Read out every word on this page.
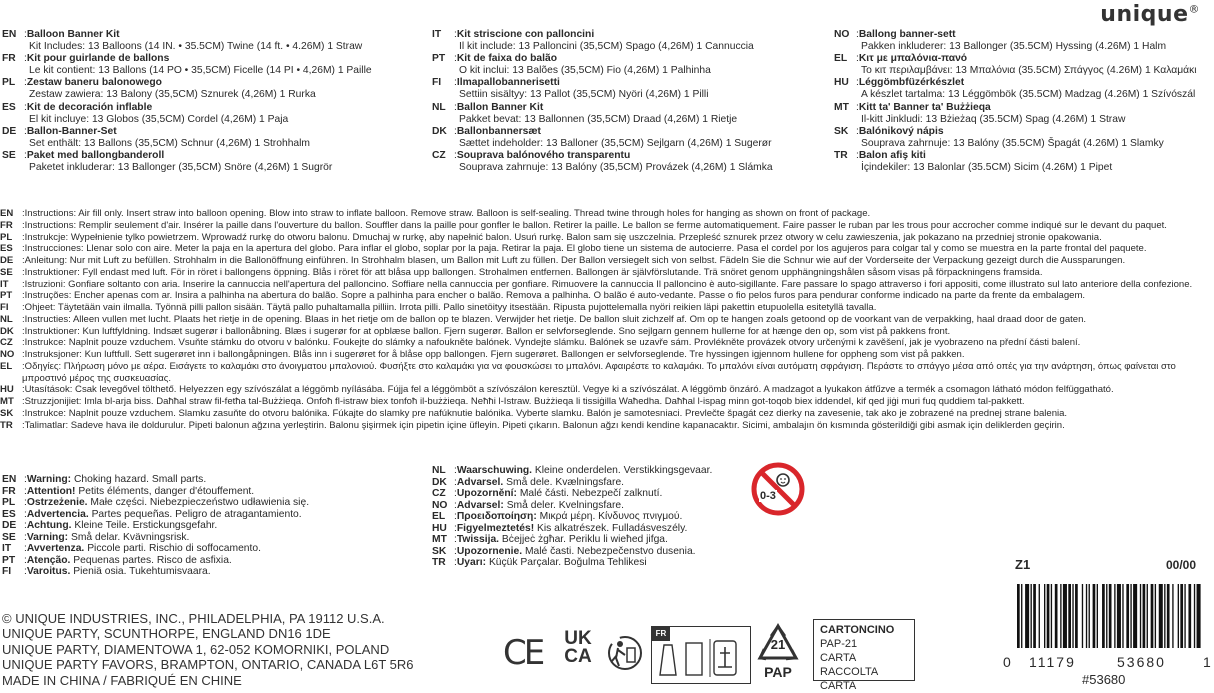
unique®
EN	: Balloon Banner Kit
Kit Includes: 13 Balloons (14 IN. • 35.5CM) Twine (14 ft. • 4.26M) 1 Straw
FR	: Kit pour guirlande de ballons
Le kit contient: 13 Ballons (14 PO • 35,5CM) Ficelle (14 PI • 4,26M) 1 Paille
PL	: Zestaw baneru balonowego
Zestaw zawiera: 13 Balony (35,5CM) Sznurek (4,26M) 1 Rurka
ES	: Kit de decoración inflable
El kit incluye: 13 Globos (35,5CM) Cordel (4,26M) 1 Paja
DE	: Ballon-Banner-Set
Set enthält: 13 Ballons (35,5CM) Schnur (4,26M) 1 Strohhalm
SE	: Paket med ballongbanderoll
Paketet inkluderar: 13 Ballonger (35,5CM) Snöre (4,26M) 1 Sugrör
IT	: Kit striscione con palloncini
Il kit include: 13 Palloncini (35,5CM) Spago (4,26M) 1 Cannuccia
PT	: Kit de faixa do balão
O kit inclui: 13 Balões (35,5CM) Fio (4,26M) 1 Palhinha
FI	: Ilmapallobannerisetti
Settiin sisältyy: 13 Pallot (35,5CM) Nyöri (4,26M) 1 Pilli
NL	: Ballon Banner Kit
Pakket bevat: 13 Ballonnen (35,5CM) Draad (4,26M) 1 Rietje
DK : Ballonbannersæt
Sættet indeholder: 13 Balloner (35,5CM) Sejlgarn (4,26M) 1 Sugerør
CZ	: Souprava balónového transparentu
Souprava zahrnuje: 13 Balóny (35,5CM) Provázek (4,26M) 1 Slámka
NO : Ballong banner-sett
Pakken inkluderer: 13 Ballonger (35.5CM) Hyssing (4.26M) 1 Halm
EL	: Κιτ με μπαλόνια-πανό
Το κιτ περιλαμβάνει: 13 Μπαλόνια (35.5CM) Σπάγγος (4.26M) 1 Καλαμάκι
HU : Léggömbfüzérkészlet
A készlet tartalma: 13 Léggömbök (35.5CM) Madzag (4.26M) 1 Szívószál
MT : Kitt ta' Banner ta' Bużżieqa
Il-kitt Jinkludi: 13 Bżieżaq (35.5CM) Spag (4.26M) 1 Straw
SK	: Balónikový nápis
Souprava zahrnuje: 13 Balóny (35.5CM) Špagát (4.26M) 1 Slamky
TR	: Balon afiş kiti
İçindekiler: 13 Balonlar (35.5CM) Sicim (4.26M) 1 Pipet
EN	: Instructions: Air fill only. Insert straw into balloon opening. Blow into straw to inflate balloon. Remove straw. Balloon is self-sealing. Thread twine through holes for hanging as shown on front of package.
FR	: Instructions: Remplir seulement d'air. Insérer la paille dans l'ouverture du ballon. Souffler dans la paille pour gonfler le ballon. Retirer la paille. Le ballon se ferme automatiquement. Faire passer le ruban par les trous pour accrocher comme indiqué sur le devant du paquet.
PL	: Instrukcje: Wypełnienie tylko powietrzem. Wprowadź rurkę do otworu balonu. Dmuchaj w rurkę, aby napełnić balon. Usuń rurkę. Balon sam się uszczelnia. Przepleść sznurek przez otwory w celu zawieszenia, jak pokazano na przedniej stronie opakowania.
ES	: Instrucciones: Llenar solo con aire. Meter la paja en la apertura del globo. Para inflar el globo, soplar por la paja. Retirar la paja. El globo tiene un sistema de autocierre. Pasa el cordel por los agujeros para colgar tal y como se muestra en la parte frontal del paquete.
DE	: Anleitung: Nur mit Luft zu befüllen. Strohhalm in die Ballonöffnung einführen. In Strohhalm blasen, um Ballon mit Luft zu füllen. Der Ballon versiegelt sich von selbst. Fädeln Sie die Schnur wie auf der Vorderseite der Verpackung gezeigt durch die Aussparungen.
SE	: Instruktioner: Fyll endast med luft. För in röret i ballongens öppning. Blås i röret för att blåsa upp ballongen. Strohalmen entfernen. Ballongen är självförslutande. Trä snöret genom upphängningshålen såsom visas på förpackningens framsida.
IT	: Istruzioni: Gonfiare soltanto con aria. Inserire la cannuccia nell'apertura del palloncino. Soffiare nella cannuccia per gonfiare. Rimuovere la cannuccia Il palloncino è auto-sigillante. Fare passare lo spago attraverso i fori appositi, come illustrato sul lato anteriore della confezione.
PT	: Instruções: Encher apenas com ar. Insira a palhinha na abertura do balão. Sopre a palhinha para encher o balão. Remova a palhinha. O balão é auto-vedante. Passe o fio pelos furos para pendurar conforme indicado na parte da frente da embalagem.
FI	: Ohjeet: Täytetään vain ilmalla. Työnnä pilli pallon sisään. Täytä pallo puhaltamalla pilliin. Irrota pilli. Pallo sinetöityy itsestään. Ripusta pujottelemalla nyöri reikien läpi pakettin etupuolella esitetyllä tavalla.
NL	: Instructies: Alleen vullen met lucht. Plaats het rietje in de opening. Blaas in het rietje om de ballon op te blazen. Verwijder het rietje. De ballon sluit zichzelf af. Om op te hangen zoals getoond op de voorkant van de verpakking, haal draad door de gaten.
DK	: Instruktioner: Kun luftfyldning. Indsæt sugerør i ballonåbning. Blæs i sugerør for at opblæse ballon. Fjern sugerør. Ballon er selvforseglende. Sno sejlgarn gennem hullerne for at hænge den op, som vist på pakkens front.
CZ	: Instrukce: Naplnit pouze vzduchem. Vsuňte stámku do otvoru v balónku. Foukejte do slámky a nafoukněte balónek. Vyndejte slámku. Balónek se uzavře sám. Provlékněte provázek otvory určenými k zavěšení, jak je vyobrazeno na přední části balení.
NO	: Instruksjoner: Kun luftfull. Sett sugerøret inn i ballongåpningen. Blås inn i sugerøret for å blåse opp ballongen. Fjern sugerøret. Ballongen er selvforseglende. Tre hyssingen igjennom hullene for oppheng som vist på pakken.
EL	: Οδηγίες: Πλήρωση μόνο με αέρα. Εισάγετε το καλαμάκι στο άνοιγματου μπαλονιού. Φυσήξτε στο καλαμάκι για να φουσκώσει το μπαλόνι. Αφαιρέστε το καλαμάκι. Το μπαλόνι είναι αυτόματη σφράγιση. Περάστε το σπάγγο μέσα από οπές για την ανάρτηση, όπως φαίνεται στο μπροστινό μέρος της συσκευασίας.
HU	: Utasítások: Csak levegővel tölthető. Helyezzen egy szívószálat a léggömb nyílásába. Fújja fel a léggömböt a szívószálon keresztül. Vegye ki a szívószálat. A léggömb önzáró. A madzagot a lyukakon átfűzve a termék a csomagon látható módon felfüggatható.
MT	: Struzzjonijiet: Imla bl-arja biss. Daħħal straw fil-fetħa tal-Bużżieqa. Onfoħ fl-istraw biex tonfoħ il-bużżieqa. Neħħi l-Istraw. Bużżieqa li tissiġilla Waħedha. Daħħal l-ispag minn got-toqob biex iddendel, kif qed jiġi muri fuq quddiem tal-pakkett.
SK	: Instrukce: Naplnit pouze vzduchem. Slamku zasuňte do otvoru balónika. Fúkajte do slamky pre nafúknutie balónika. Vyberte slamku. Balón je samotesniaci. Prevlečte špagát cez dierky na zavesenie, tak ako je zobrazené na prednej strane balenia.
TR	: Talimatlar: Sadeve hava ile doldurulur. Pipeti balonun ağzına yerleştirin. Balonu şişirmek için pipetin içine üfleyin. Pipeti çıkarın. Balonun ağzı kendi kendine kapanacaktır. Sicimi, ambalajın ön kısmında gösterildiği gibi asmak için deliklerden geçirin.
EN	: Warning: Choking hazard. Small parts.
FR	: Attention! Petits éléments, danger d'étouffement.
PL	: Ostrzeżenie. Małe części. Niebezpieczeństwo udławienia się.
ES	: Advertencia. Partes pequeñas. Peligro de atragantamiento.
DE	: Achtung. Kleine Teile. Erstickungsgefahr.
SE	: Varning: Små delar. Kvävningsrisk.
IT	: Avvertenza. Piccole parti. Rischio di soffocamento.
PT	: Atenção. Pequenas partes. Risco de asfixia.
FI	: Varoitus. Pieniä osia. Tukehtumisvaara.
NL	: Waarschuwing. Kleine onderdelen. Verstikkingsgevaar.
DK : Advarsel. Små dele. Kvælningsfare.
CZ	: Upozornění: Malé části. Nebezpečí zalknutí.
NO : Advarsel: Små deler. Kvelningsfare.
EL	: Προειδοποίηση: Μικρά μέρη. Κίνδυνος πνιγμού.
HU : Figyelmeztetés! Kis alkatrészek. Fulladásveszély.
MT : Twissija. Bċejjeċ żgħar. Periklu li wieħed jifga.
SK	: Upozornenie. Malé časti. Nebezpečenstvo dusenia.
TR	: Uyarı: Küçük Parçalar. Boğulma Tehlikesi
0-3
Z1	00/00
© UNIQUE INDUSTRIES, INC., PHILADELPHIA, PA 19112 U.S.A.
UNIQUE PARTY, SCUNTHORPE, ENGLAND DN16 1DE
UNIQUE PARTY, DIAMENTOWA 1, 62-052 KOMORNIKI, POLAND
UNIQUE PARTY FAVORS, BRAMPTON, ONTARIO, CANADA L6T 5R6
MADE IN CHINA / FABRIQUÉ EN CHINE
CE	UK
CA
FR
21
PAP
CARTONCINO
PAP-21
CARTA
RACCOLTA CARTA
0 11179	53680	1
#53680
